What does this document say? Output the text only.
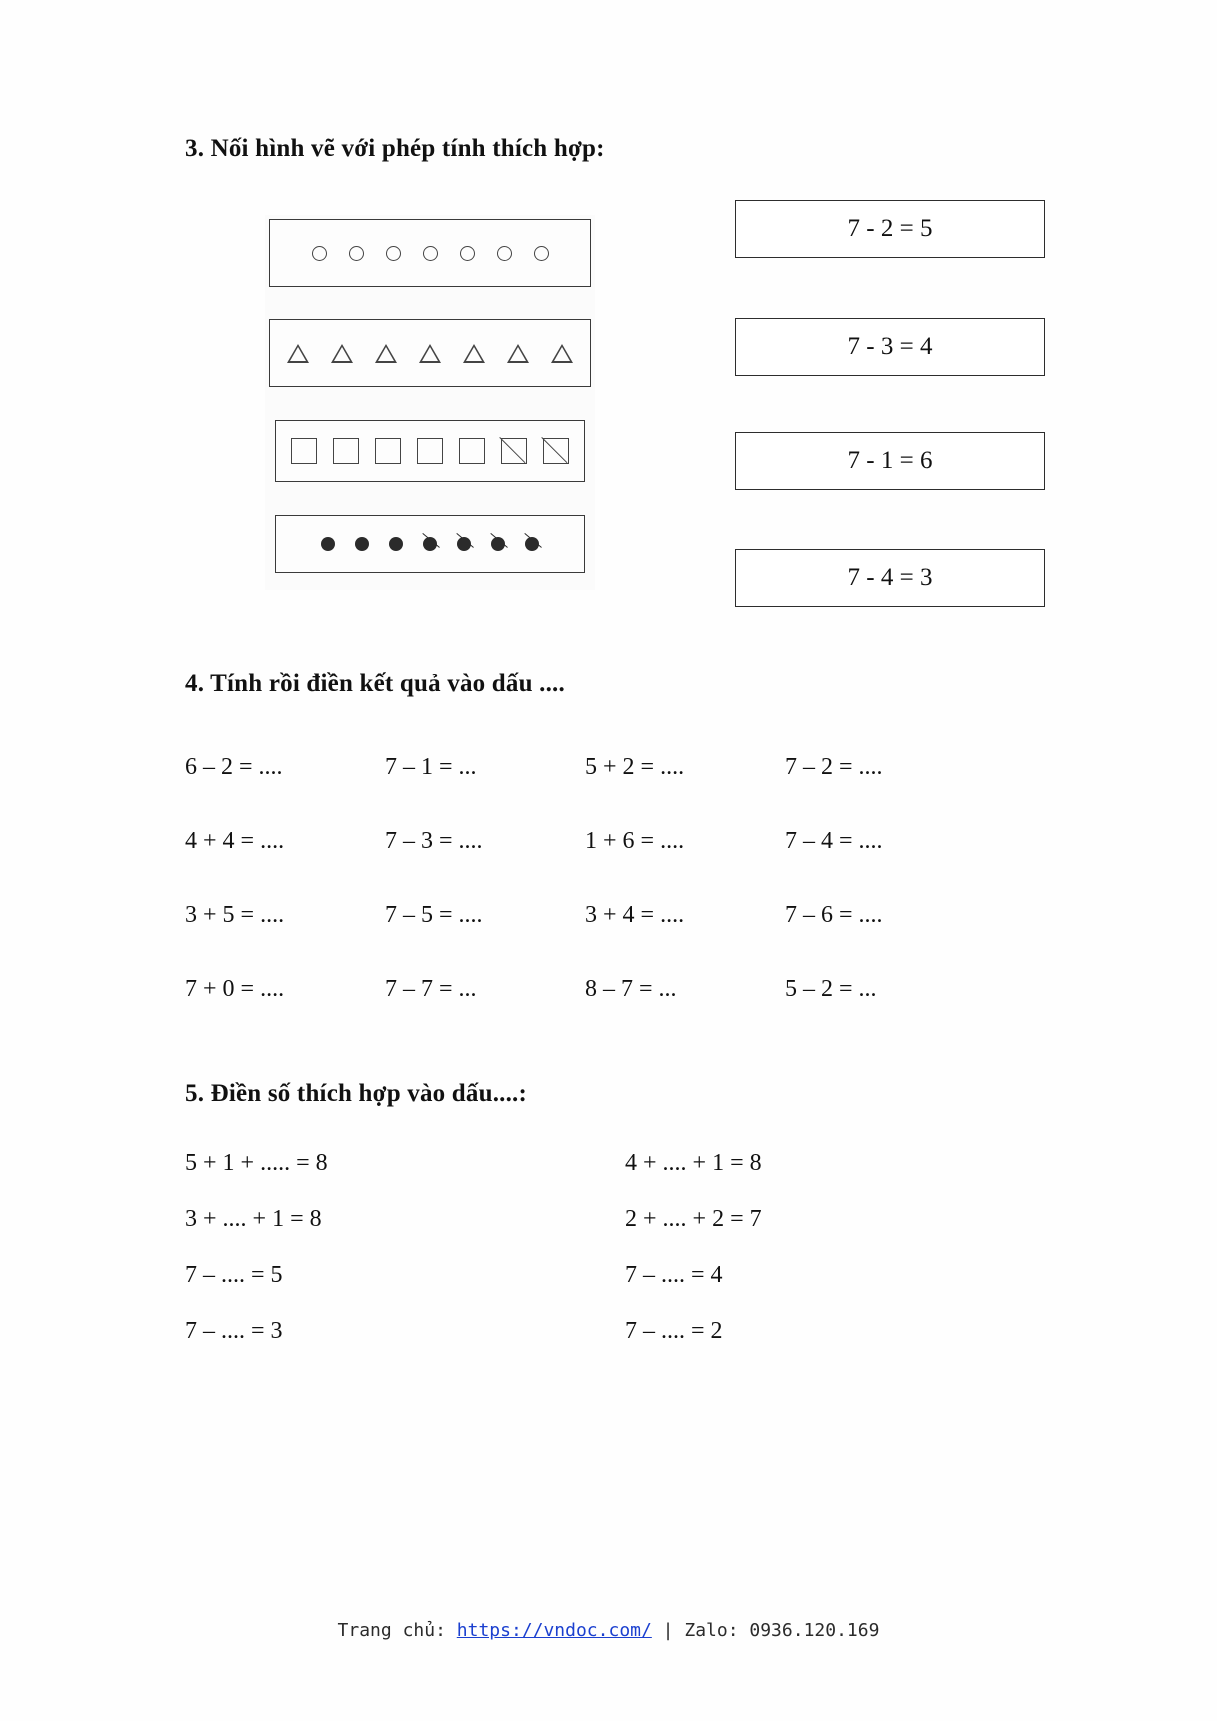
3. Nối hình vẽ với phép tính thích hợp:
7 - 2 = 5
7 - 3 = 4
7 - 1 = 6
7 - 4 = 3
4. Tính rồi điền kết quả vào dấu ....
6 – 2 = ....	7 – 1 = ...	5 + 2 = ....	7 – 2 = ....
4 + 4 = ....	7 – 3 = ....	1 + 6 = ....	7 – 4 = ....
3 + 5 = ....	7 – 5 = ....	3 + 4 = ....	7 – 6 = ....
7 + 0 = ....	7 – 7 = ...	8 – 7 = ...	5 – 2 = ...
5. Điền số thích hợp vào dấu....:
5 + 1 + ..... = 8	4 + .... + 1 = 8
3 + .... + 1 = 8	2 + .... + 2 = 7
7 – .... = 5	7 – .... = 4
7 – .... = 3	7 – .... = 2
Trang chủ: https://vndoc.com/ | Zalo: 0936.120.169
